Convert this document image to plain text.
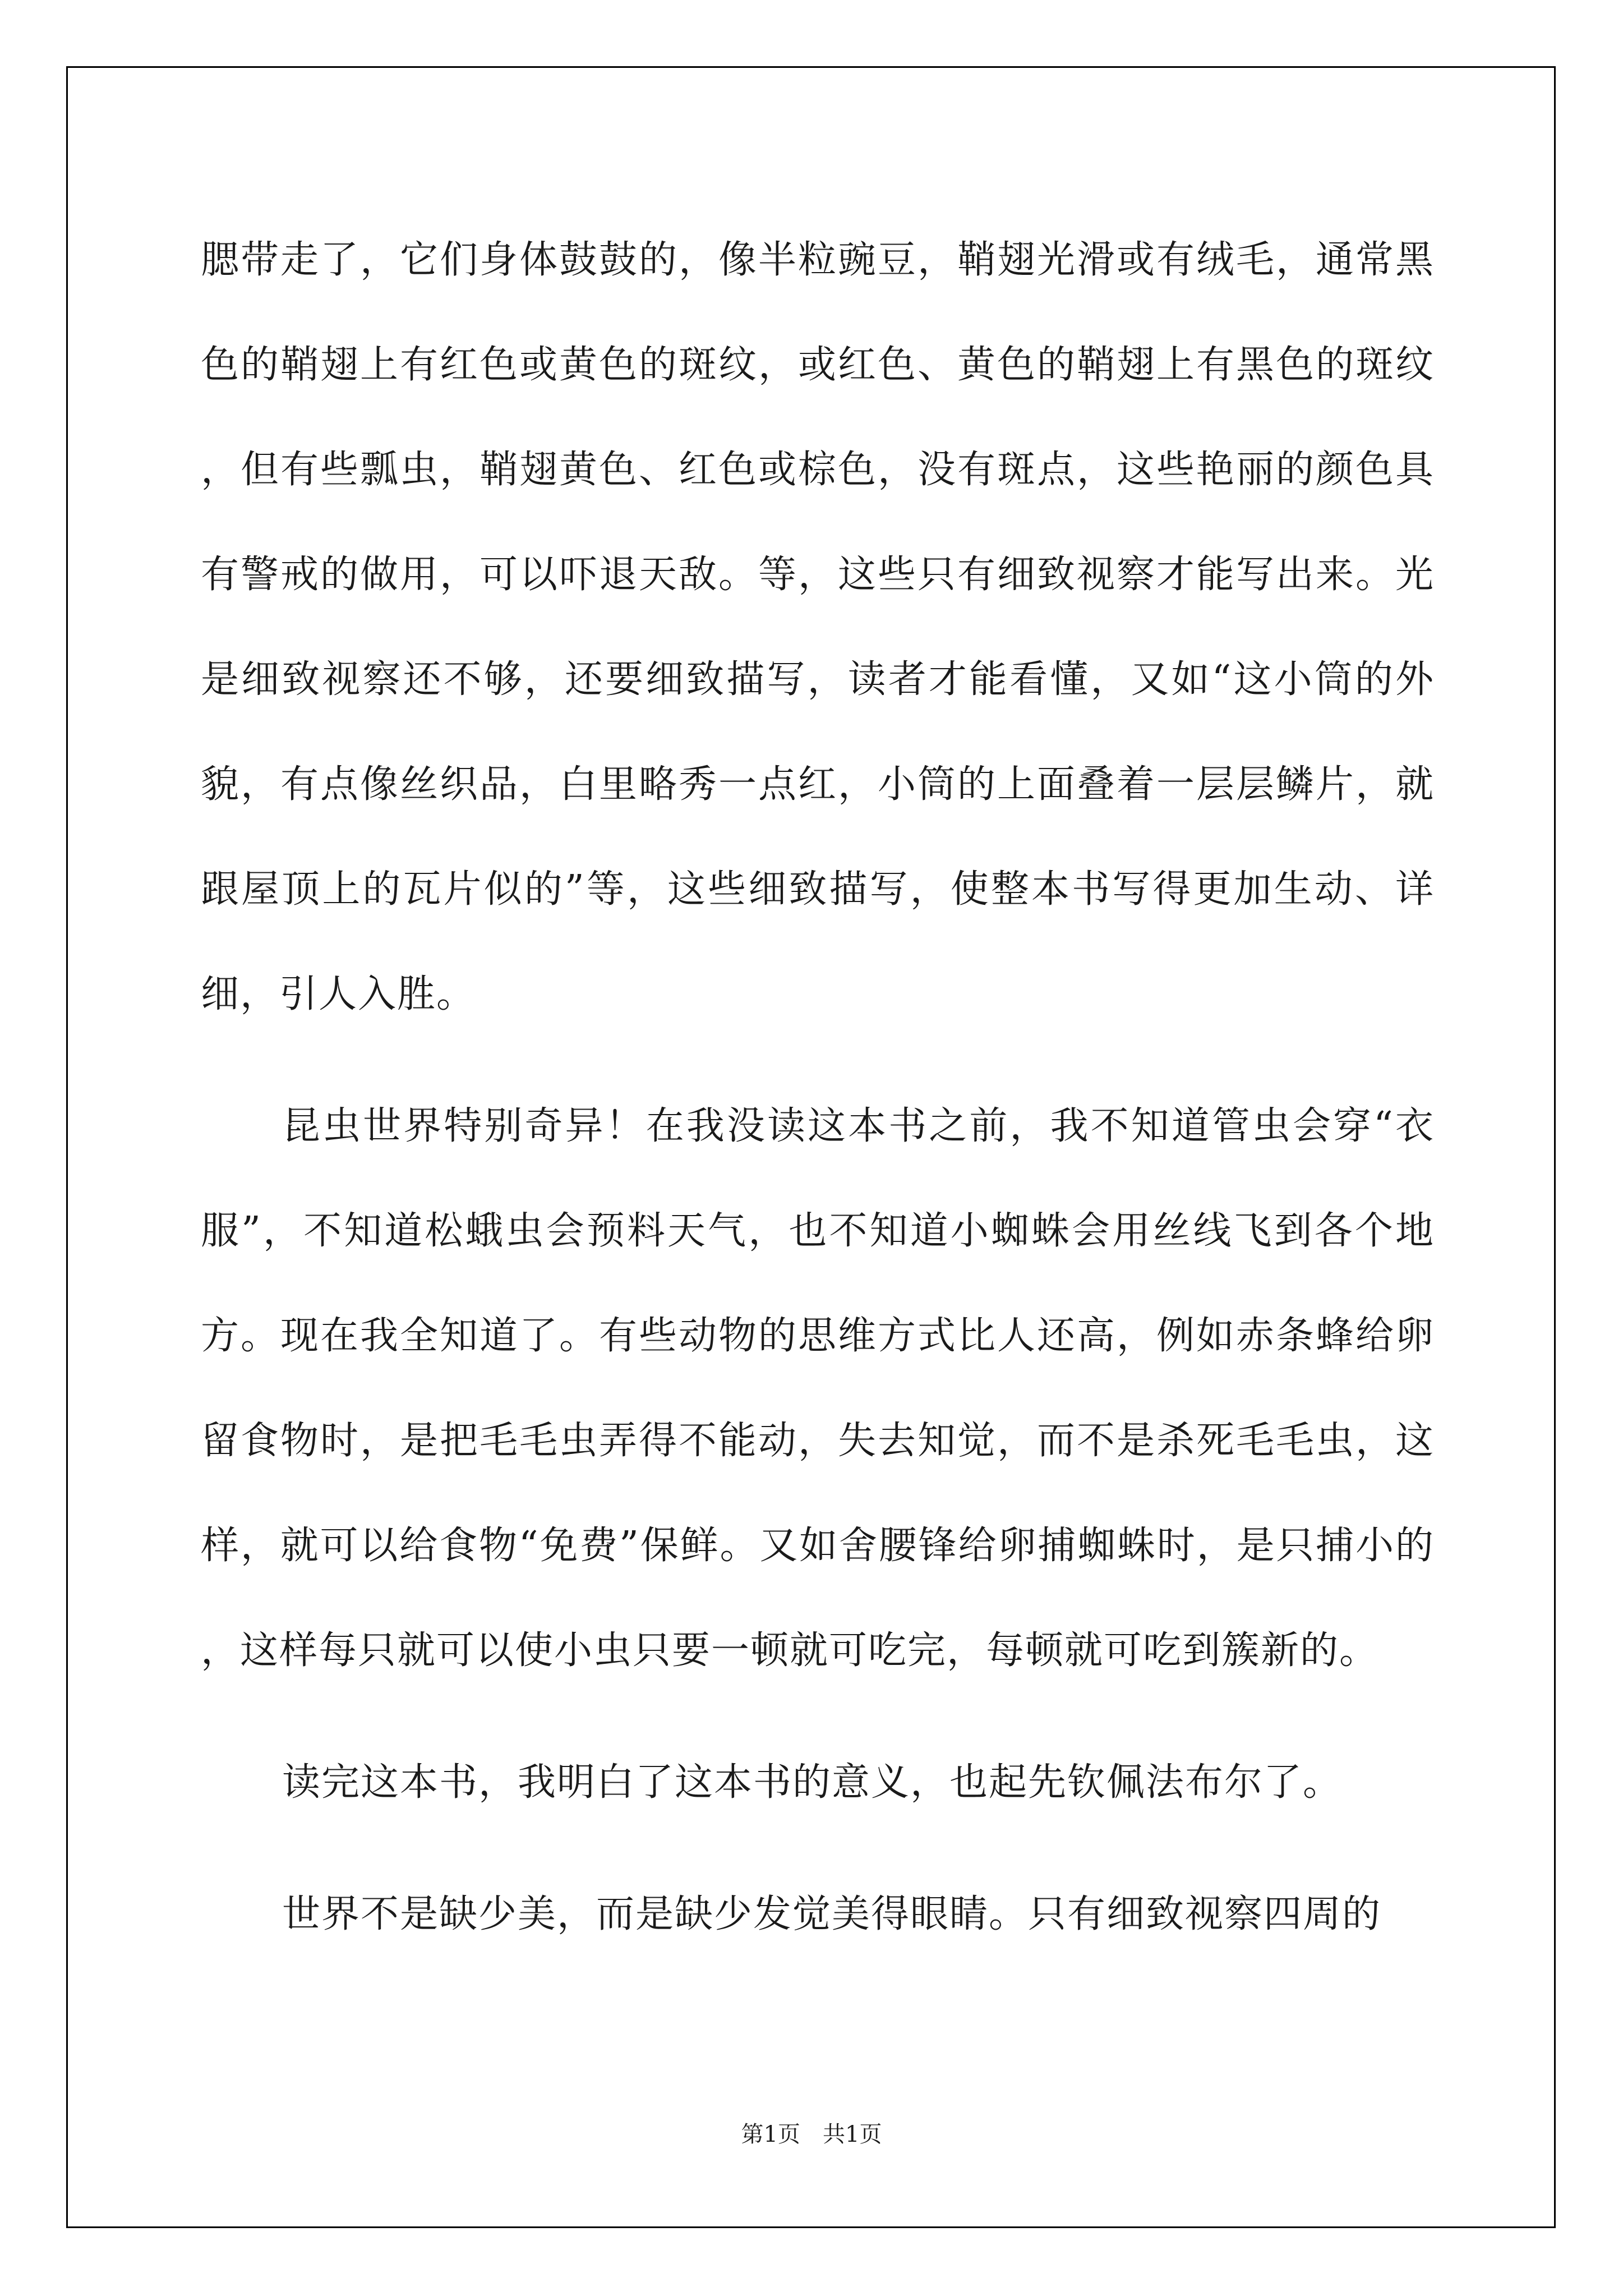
腮带走了，它们身体鼓鼓的，像半粒豌豆，鞘翅光滑或有绒毛，通常黑色的鞘翅上有红色或黄色的斑纹，或红色、黄色的鞘翅上有黑色的斑纹，但有些瓢虫，鞘翅黄色、红色或棕色，没有斑点，这些艳丽的颜色具有警戒的做用，可以吓退天敌。等，这些只有细致视察才能写出来。光是细致视察还不够，还要细致描写，读者才能看懂，又如“这小筒的外貌，有点像丝织品，白里略秀一点红，小筒的上面叠着一层层鳞片，就跟屋顶上的瓦片似的”等，这些细致描写，使整本书写得更加生动、详细，引人入胜。

昆虫世界特别奇异！在我没读这本书之前，我不知道管虫会穿“衣服”，不知道松蛾虫会预料天气，也不知道小蜘蛛会用丝线飞到各个地方。现在我全知道了。有些动物的思维方式比人还高，例如赤条蜂给卵留食物时，是把毛毛虫弄得不能动，失去知觉，而不是杀死毛毛虫，这样，就可以给食物“免费”保鲜。又如舍腰锋给卵捕蜘蛛时，是只捕小的，这样每只就可以使小虫只要一顿就可吃完，每顿就可吃到簇新的。

读完这本书，我明白了这本书的意义，也起先钦佩法布尔了。

世界不是缺少美，而是缺少发觉美得眼睛。只有细致视察四周的

第1页 共1页
